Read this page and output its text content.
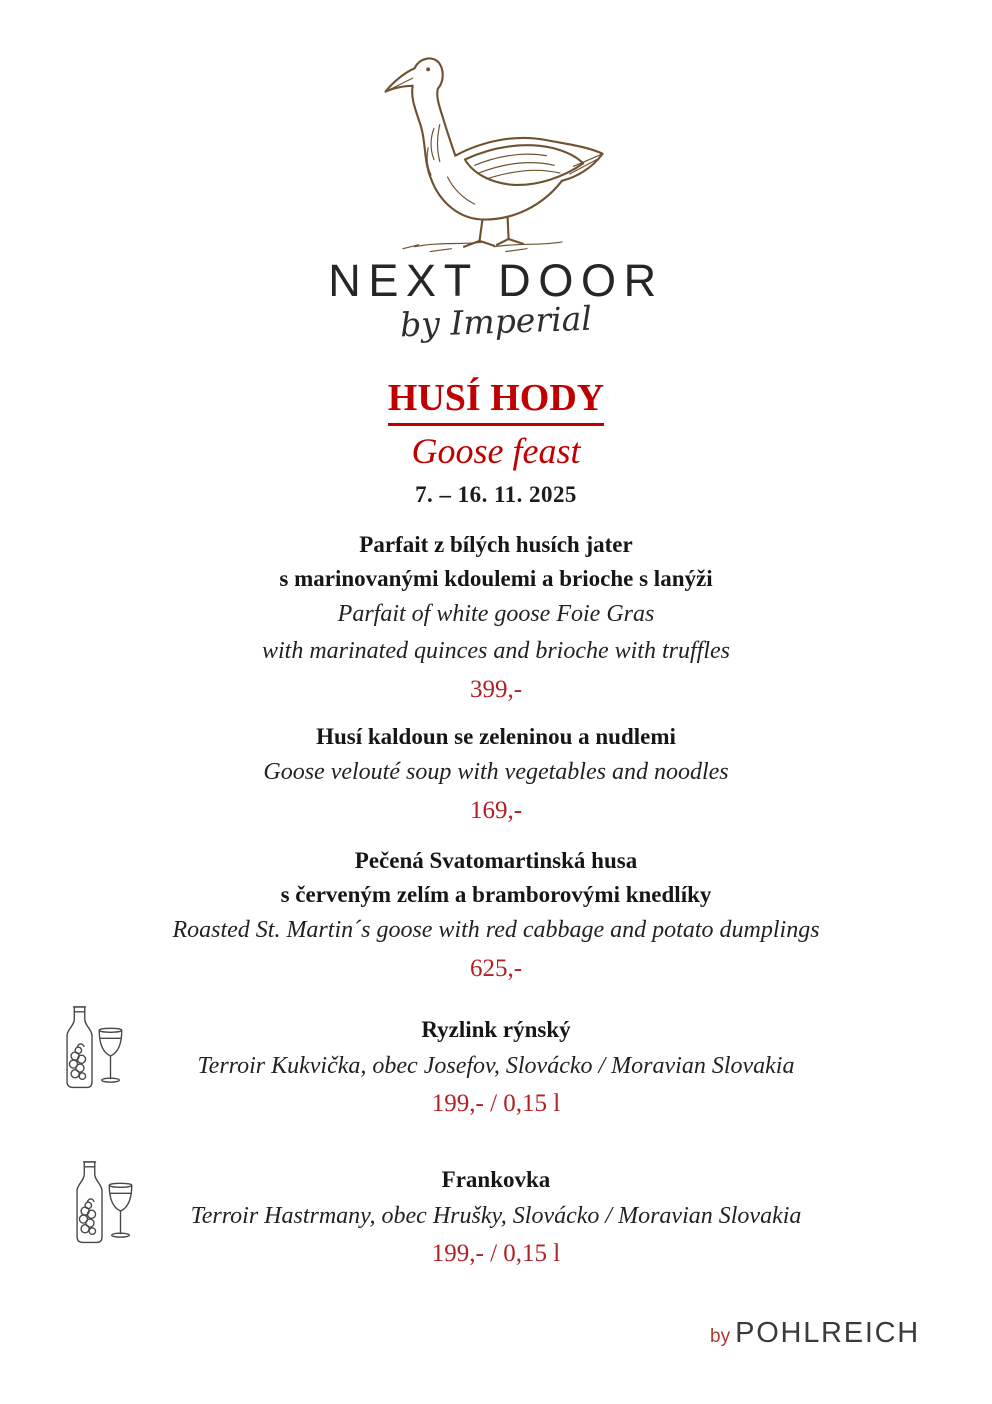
NEXT DOOR
by Imperial
HUSÍ HODY
Goose feast
7. – 16. 11. 2025
Parfait z bílých husích jater
s marinovanými kdoulemi a brioche s lanýži
Parfait of white goose Foie Gras
with marinated quinces and brioche with truffles
399,-
Husí kaldoun se zeleninou a nudlemi
Goose velouté soup with vegetables and noodles
169,-
Pečená Svatomartinská husa
s červeným zelím a bramborovými knedlíky
Roasted St. Martin´s goose with red cabbage and potato dumplings
625,-
Ryzlink rýnský
Terroir Kukvička, obec Josefov, Slovácko / Moravian Slovakia
199,- / 0,15 l
Frankovka
Terroir Hastrmany, obec Hrušky, Slovácko / Moravian Slovakia
199,- / 0,15 l
by POHLREICH
